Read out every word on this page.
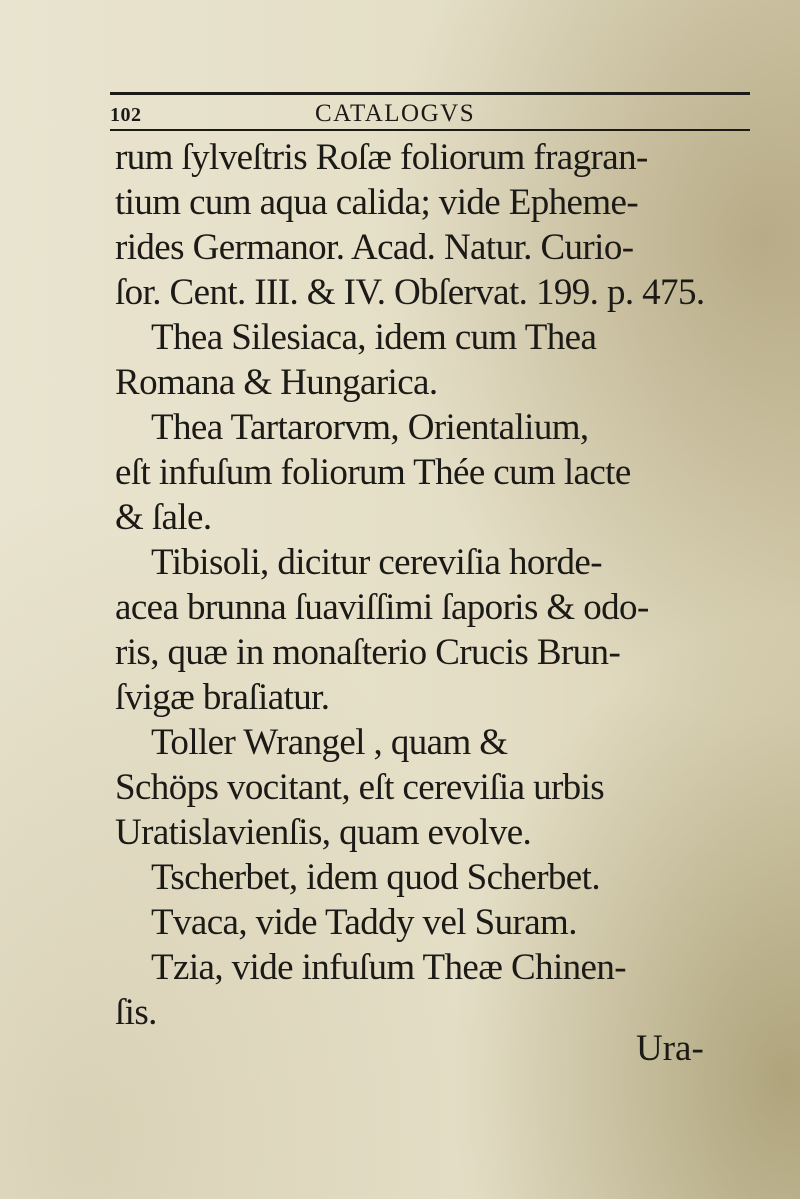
102	CATALOGVS
rum ſylveſtris Roſæ foliorum fragran-
tium cum aqua calida; vide Epheme-
rides Germanor. Acad. Natur. Curio-
ſor. Cent. III. & IV. Obſervat. 199. p. 475.
Thea Silesiaca, idem cum Thea
Romana & Hungarica.
Thea Tartarorvm, Orientalium,
eſt infuſum foliorum Thée cum lacte
& ſale.
Tibisoli, dicitur cereviſia horde-
acea brunna ſuaviſſimi ſaporis & odo-
ris, quæ in monaſterio Crucis Brun-
ſvigæ braſiatur.
Toller Wrangel , quam &
Schöps vocitant, eſt cereviſia urbis
Uratislavienſis, quam evolve.
Tscherbet, idem quod Scherbet.
Tvaca, vide Taddy vel Suram.
Tzia, vide infuſum Theæ Chinen-
ſis.
Ura-
